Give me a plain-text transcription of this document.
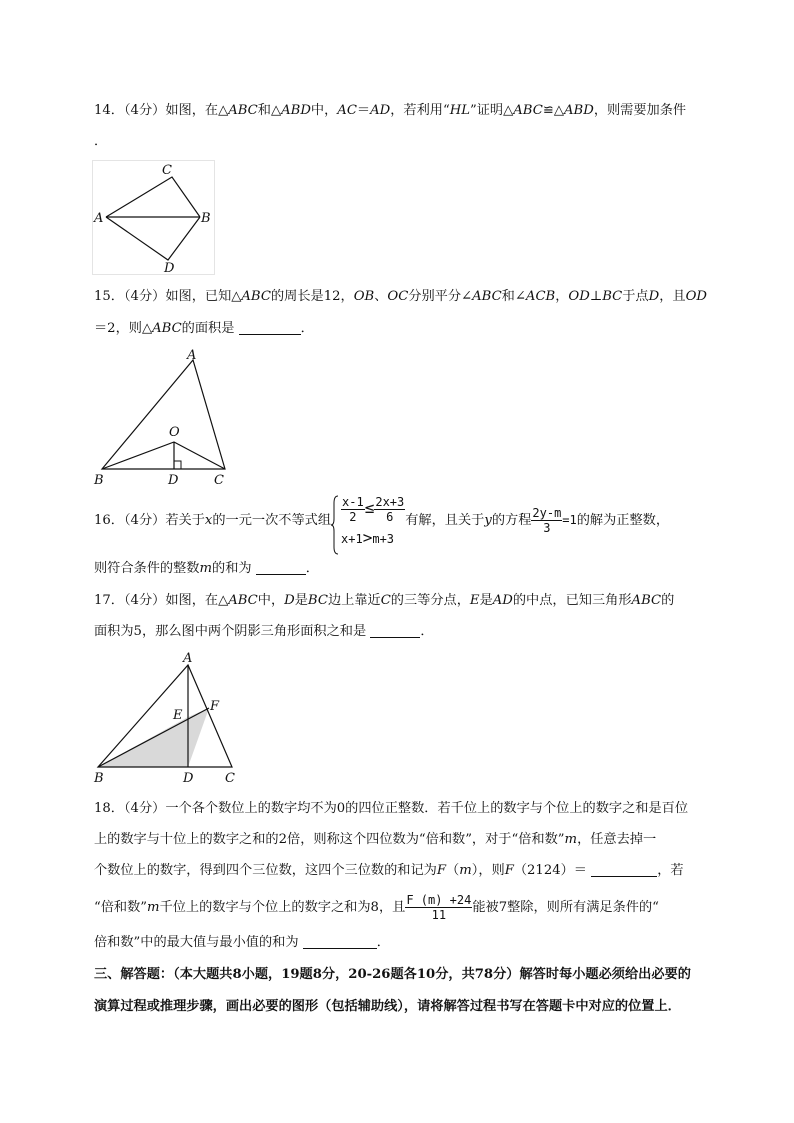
14．（4分）如图，在△ABC和△ABD中，AC＝AD，若利用“HL”证明△ABC≌△ABD，则需要加条件
．
C
A	B
D
15．（4分）如图，已知△ABC的周长是12，OB、OC分别平分∠ABC和∠ACB，OD⊥BC于点D，且OD
＝2，则△ABC的面积是	．
A
O
B	D	C
16．（4分）若关于x的一元一次不等式组 $\frac{x-1}{2} \le \frac{2x+3}{6}$
x+1>m+3
有解，且关于y的方程 $\frac{2y-m}{3} =1$的解为正整数，
则符合条件的整数m的和为	．
17．（4分）如图，在△ABC中，D是BC边上靠近C的三等分点，E是AD的中点，已知三角形ABC的
面积为5，那么图中两个阴影三角形面积之和是	．
A
E
F
B	D C
18．（4分）一个各个数位上的数字均不为0的四位正整数．若千位上的数字与个位上的数字之和是百位
上的数字与十位上的数字之和的2倍，则称这个四位数为“倍和数”，对于“倍和数”m，任意去掉一
个数位上的数字，得到四个三位数，这四个三位数的和记为F（m），则F（2124）＝	，若
“倍和数”m千位上的数字与个位上的数字之和为8，且 $\frac{F (m) +24}{11}$ 能被7整除，则所有满足条件的“
倍和数”中的最大值与最小值的和为	．
三、解答题：（本大题共8小题，19题8分，20-26题各10分，共78分）解答时每小题必须给出必要的
演算过程或推理步骤，画出必要的图形（包括辅助线），请将解答过程书写在答题卡中对应的位置上．
